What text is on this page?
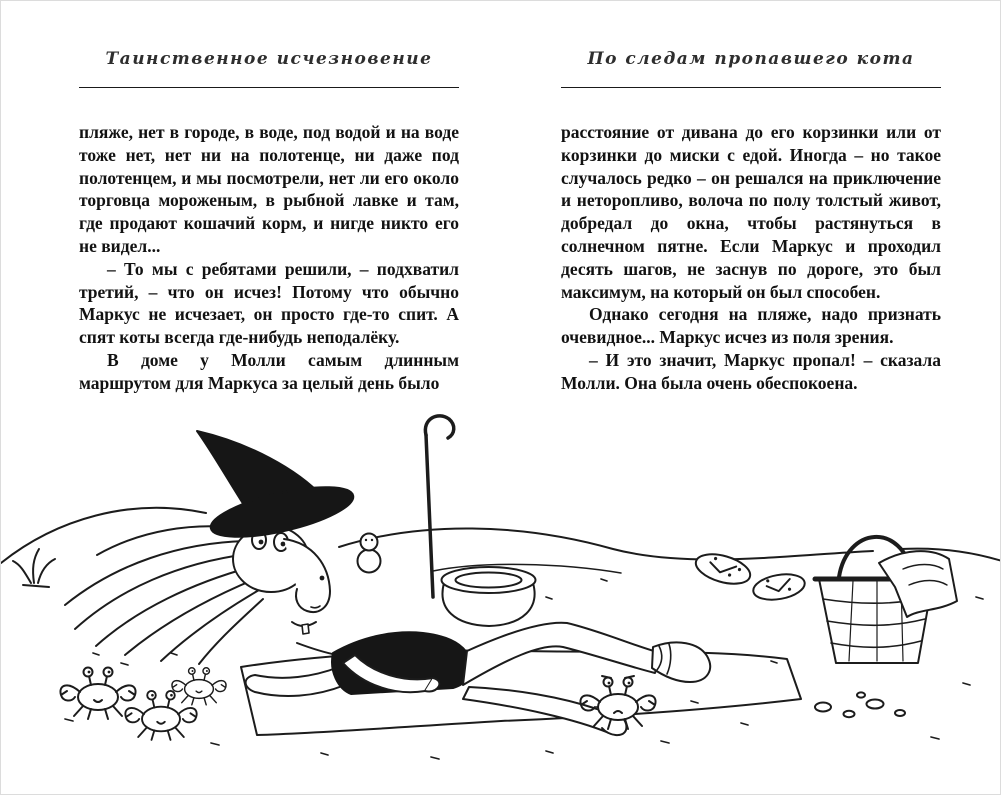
Таинственное исчезновение	По следам пропавшего кота

пляже, нет в городе, в воде, под водой и на воде тоже нет, нет ни на полотенце, ни даже под полотенцем, и мы посмотрели, нет ли его около торговца мороженым, в рыбной лавке и там, где продают кошачий корм, и нигде никто его не видел...

– То мы с ребятами решили, – подхватил третий, – что он исчез! Потому что обычно Маркус не исчезает, он просто где-то спит. А спят коты всегда где-нибудь неподалёку.

В доме у Молли самым длинным маршрутом для Маркуса за целый день было

расстояние от дивана до его корзинки или от корзинки до миски с едой. Иногда – но такое случалось редко – он решался на приключение и неторопливо, волоча по полу толстый живот, добредал до окна, чтобы растянуться в солнечном пятне. Если Маркус и проходил десять шагов, не заснув по дороге, это был максимум, на который он был способен.

Однако сегодня на пляже, надо признать очевидное... Маркус исчез из поля зрения.

– И это значит, Маркус пропал! – сказала Молли. Она была очень обеспокоена.
